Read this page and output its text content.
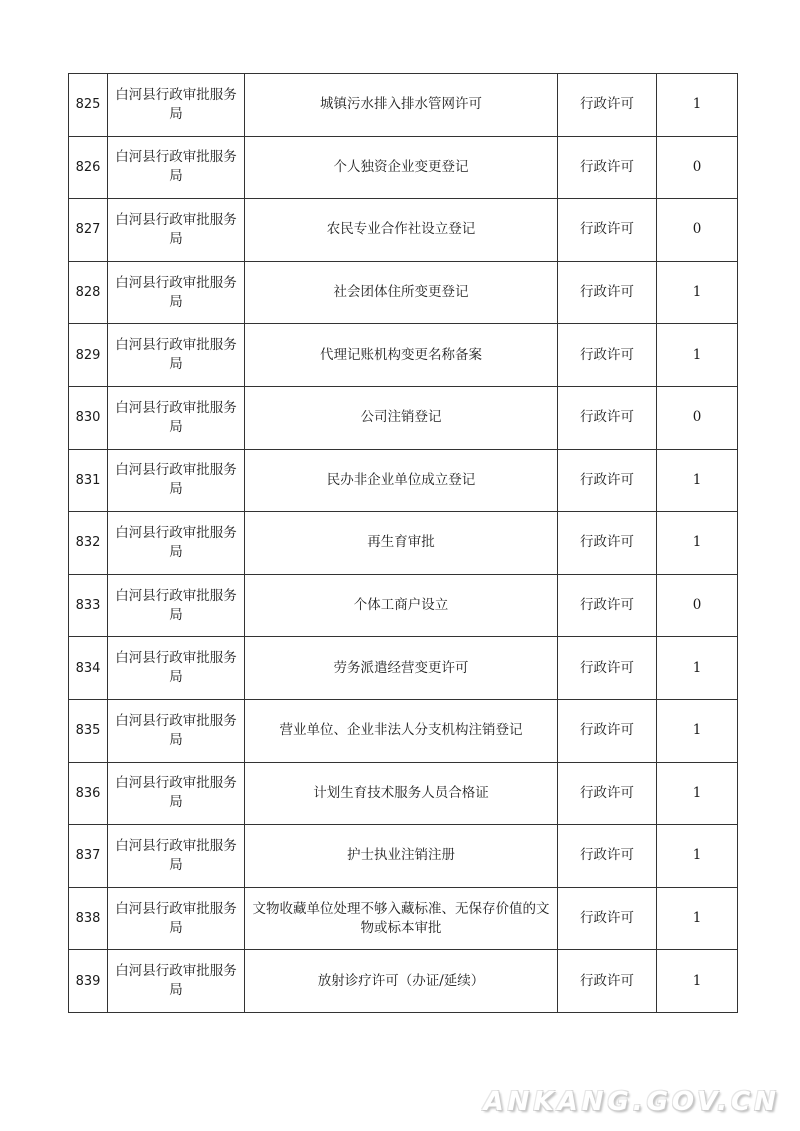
825	白河县行政审批服务局	城镇污水排入排水管网许可	行政许可	1
826	白河县行政审批服务局	个人独资企业变更登记	行政许可	0
827	白河县行政审批服务局	农民专业合作社设立登记	行政许可	0
828	白河县行政审批服务局	社会团体住所变更登记	行政许可	1
829	白河县行政审批服务局	代理记账机构变更名称备案	行政许可	1
830	白河县行政审批服务局	公司注销登记	行政许可	0
831	白河县行政审批服务局	民办非企业单位成立登记	行政许可	1
832	白河县行政审批服务局	再生育审批	行政许可	1
833	白河县行政审批服务局	个体工商户设立	行政许可	0
834	白河县行政审批服务局	劳务派遣经营变更许可	行政许可	1
835	白河县行政审批服务局	营业单位、企业非法人分支机构注销登记	行政许可	1
836	白河县行政审批服务局	计划生育技术服务人员合格证	行政许可	1
837	白河县行政审批服务局	护士执业注销注册	行政许可	1
838	白河县行政审批服务局	文物收藏单位处理不够入藏标准、无保存价值的文物或标本审批	行政许可	1
839	白河县行政审批服务局	放射诊疗许可（办证/延续）	行政许可	1
ANKANG.GOV.CN
